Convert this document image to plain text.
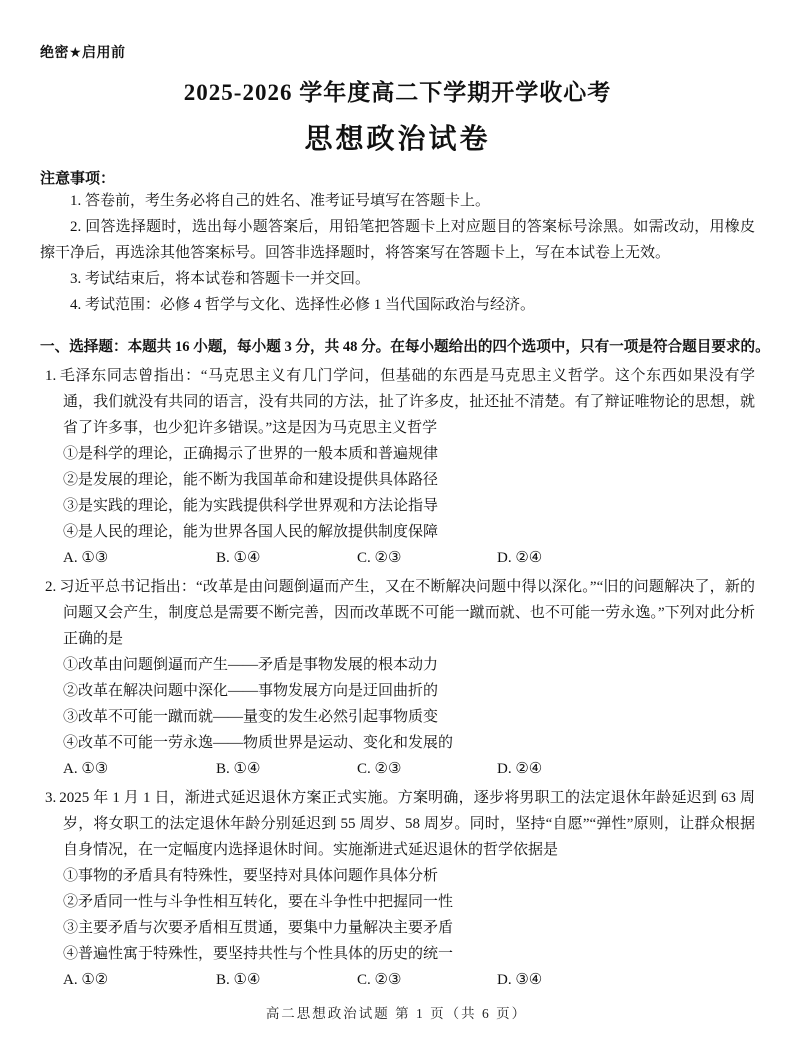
绝密★启用前
2025-2026 学年度高二下学期开学收心考
思想政治试卷
注意事项：
1. 答卷前，考生务必将自己的姓名、准考证号填写在答题卡上。
2. 回答选择题时，选出每小题答案后，用铅笔把答题卡上对应题目的答案标号涂黑。如需改动，用橡皮擦干净后，再选涂其他答案标号。回答非选择题时，将答案写在答题卡上，写在本试卷上无效。
3. 考试结束后，将本试卷和答题卡一并交回。
4. 考试范围：必修 4 哲学与文化、选择性必修 1 当代国际政治与经济。
一、选择题：本题共 16 小题，每小题 3 分，共 48 分。在每小题给出的四个选项中，只有一项是符合题目要求的。
1. 毛泽东同志曾指出：“马克思主义有几门学问，但基础的东西是马克思主义哲学。这个东西如果没有学通，我们就没有共同的语言，没有共同的方法，扯了许多皮，扯还扯不清楚。有了辩证唯物论的思想，就省了许多事，也少犯许多错误。”这是因为马克思主义哲学
①是科学的理论，正确揭示了世界的一般本质和普遍规律
②是发展的理论，能不断为我国革命和建设提供具体路径
③是实践的理论，能为实践提供科学世界观和方法论指导
④是人民的理论，能为世界各国人民的解放提供制度保障
A. ①③	B. ①④	C. ②③	D. ②④
2. 习近平总书记指出：“改革是由问题倒逼而产生，又在不断解决问题中得以深化。”“旧的问题解决了，新的问题又会产生，制度总是需要不断完善，因而改革既不可能一蹴而就、也不可能一劳永逸。”下列对此分析正确的是
①改革由问题倒逼而产生——矛盾是事物发展的根本动力
②改革在解决问题中深化——事物发展方向是迂回曲折的
③改革不可能一蹴而就——量变的发生必然引起事物质变
④改革不可能一劳永逸——物质世界是运动、变化和发展的
A. ①③	B. ①④	C. ②③	D. ②④
3. 2025 年 1 月 1 日，渐进式延迟退休方案正式实施。方案明确，逐步将男职工的法定退休年龄延迟到 63 周岁，将女职工的法定退休年龄分别延迟到 55 周岁、58 周岁。同时，坚持“自愿”“弹性”原则，让群众根据自身情况，在一定幅度内选择退休时间。实施渐进式延迟退休的哲学依据是
①事物的矛盾具有特殊性，要坚持对具体问题作具体分析
②矛盾同一性与斗争性相互转化，要在斗争性中把握同一性
③主要矛盾与次要矛盾相互贯通，要集中力量解决主要矛盾
④普遍性寓于特殊性，要坚持共性与个性具体的历史的统一
A. ①②	B. ①④	C. ②③	D. ③④
高二思想政治试题 第 1 页（共 6 页）
